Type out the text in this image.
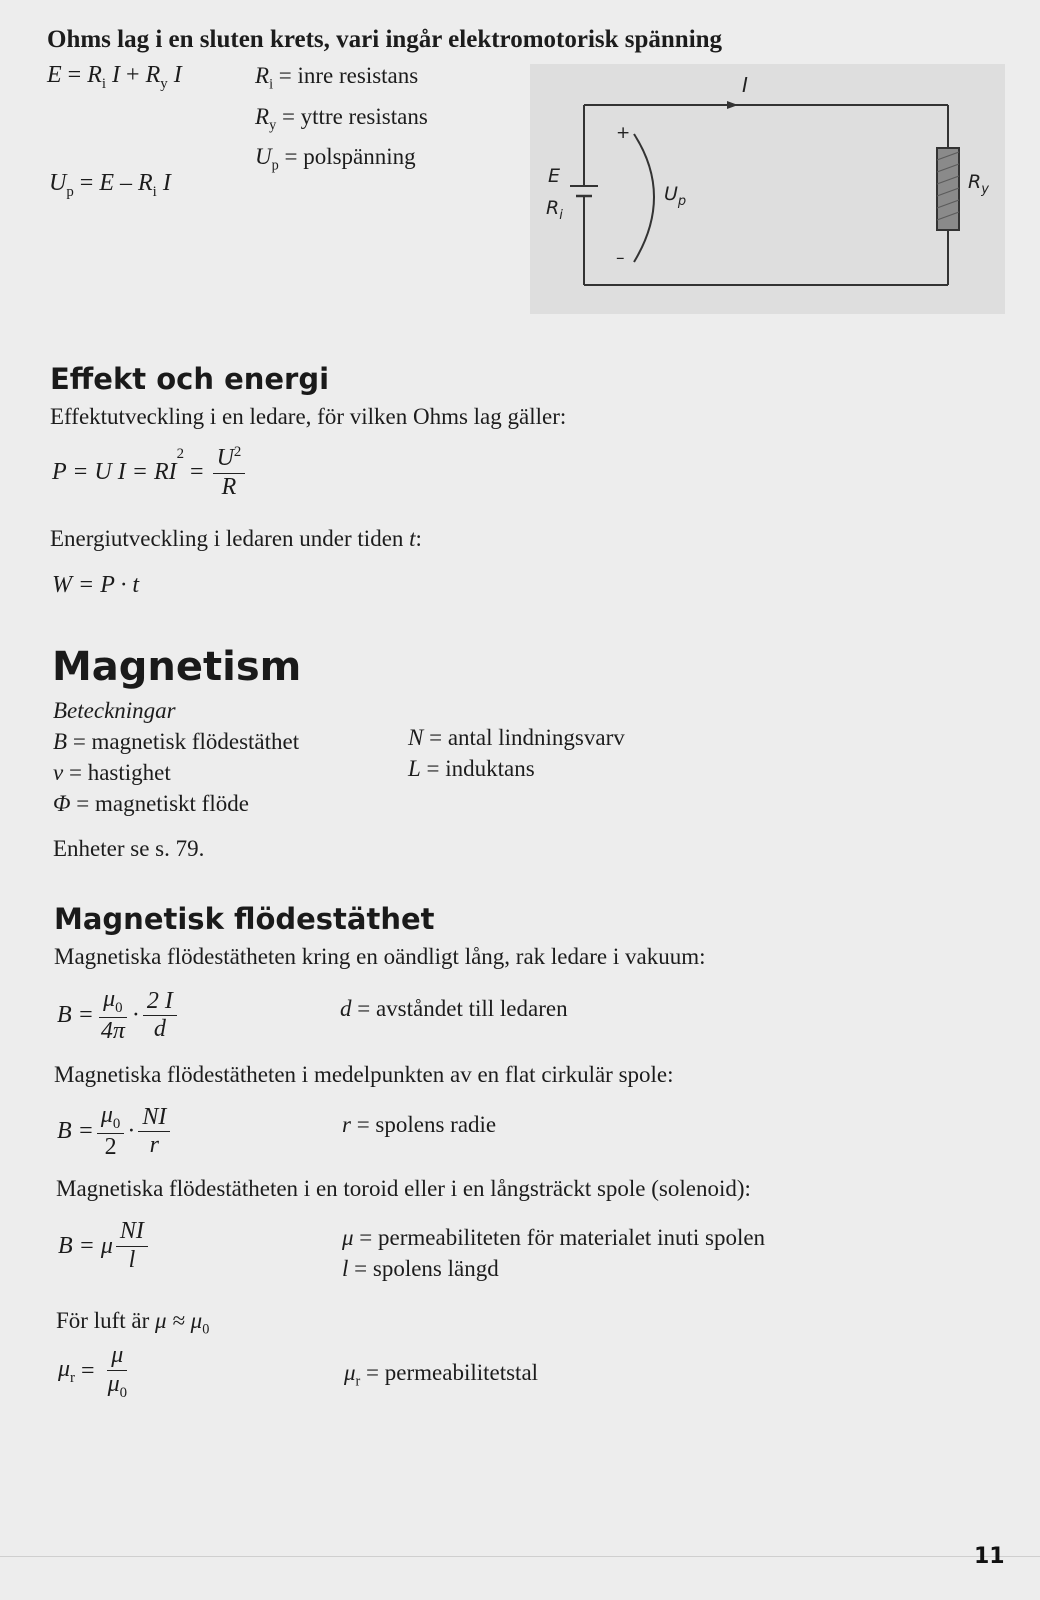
Ohms lag i en sluten krets, vari ingår elektromotorisk spänning
$E = R_i$ $I + R_y$ I	$R_i$ = inre resistans
$R_y$ = yttre resistans
$U_p$ = polspänning
$U_p = E - R_i$ I
I
E
$R_i$
+
–
$U_p$
$R_y$
Effekt och energi
Effektutveckling i en ledare, för vilken Ohms lag gäller:
P = U I = RI
$^2$
= $\frac{U^2}{R}$
Energiutveckling i ledaren under tiden t:
W = P · t
Magnetism
Beteckningar
B = magnetisk flödestäthet
v = hastighet
Φ = magnetiskt flöde
N = antal lindningsvarv
L = induktans
Enheter se s. 79.
Magnetisk flödestäthet
Magnetiska flödestätheten kring en oändligt lång, rak ledare i vakuum:
$B = \frac{\mu_0}{4\pi} \cdot \frac{2 I}{d}$	d = avståndet till ledaren
Magnetiska flödestätheten i medelpunkten av en flat cirkulär spole:
$B = \frac{\mu_0}{2} \cdot \frac{NI}{r}$	r = spolens radie
Magnetiska flödestätheten i en toroid eller i en långsträckt spole (solenoid):
B = μ $\frac{NI}{l}$	μ = permeabiliteten för materialet inuti spolen
l = spolens längd
För luft är $\mu \approx \mu_0$
$\mu_r = \frac{\mu}{\mu_0}$	$\mu_r$ = permeabilitetstal
11
